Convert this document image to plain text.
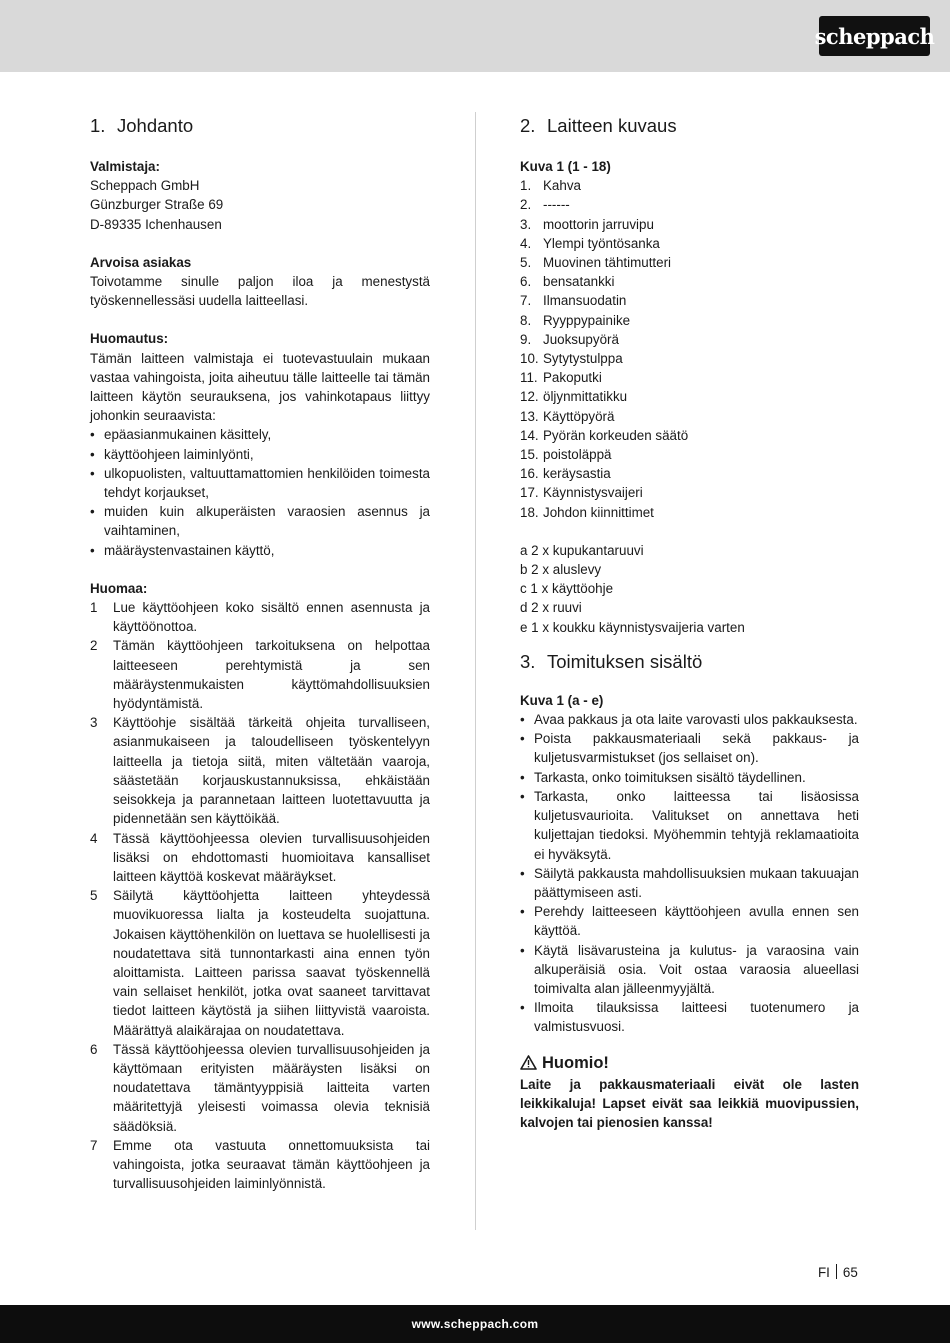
scheppach
1. Johdanto
Valmistaja:
Scheppach GmbH
Günzburger Straße 69
D-89335 Ichenhausen
Arvoisa asiakas

Toivotamme sinulle paljon iloa ja menestystä työskennellessäsi uudella laitteellasi.

Huomautus:

Tämän laitteen valmistaja ei tuotevastuulain mukaan vastaa vahingoista, joita aiheutuu tälle laitteelle tai tämän laitteen käytön seurauksena, jos vahinkotapaus liittyy johonkin seuraavista:

• epäasianmukainen käsittely,
• käyttöohjeen laiminlyönti,
• ulkopuolisten, valtuuttamattomien henkilöiden toimesta tehdyt korjaukset,
• muiden kuin alkuperäisten varaosien asennus ja vaihtaminen,
• määräystenvastainen käyttö,
Huomaa:
1	Lue käyttöohjeen koko sisältö ennen asennusta ja käyttöönottoa.
2	Tämän käyttöohjeen tarkoituksena on helpottaa laitteeseen perehtymistä ja sen määräystenmukaisten käyttömahdollisuuksien hyödyntämistä.
3	Käyttöohje sisältää tärkeitä ohjeita turvalliseen, asianmukaiseen ja taloudelliseen työskentelyyn laitteella ja tietoja siitä, miten vältetään vaaroja, säästetään korjauskustannuksissa, ehkäistään seisokkeja ja parannetaan laitteen luotettavuutta ja pidennetään sen käyttöikää.
4	Tässä käyttöohjeessa olevien turvallisuusohjeiden lisäksi on ehdottomasti huomioitava kansalliset laitteen käyttöä koskevat määräykset.
5	Säilytä käyttöohjetta laitteen yhteydessä muovikuoressa lialta ja kosteudelta suojattuna. Jokaisen käyttöhenkilön on luettava se huolellisesti ja noudatettava sitä tunnontarkasti aina ennen työn aloittamista. Laitteen parissa saavat työskennellä vain sellaiset henkilöt, jotka ovat saaneet tarvittavat tiedot laitteen käytöstä ja siihen liittyvistä vaaroista. Määrättyä alaikärajaa on noudatettava.
6	Tässä käyttöohjeessa olevien turvallisuusohjeiden ja käyttömaan erityisten määräysten lisäksi on noudatettava tämäntyyppisiä laitteita varten määritettyjä yleisesti voimassa olevia teknisiä säädöksiä.
7	Emme ota vastuuta onnettomuuksista tai vahingoista, jotka seuraavat tämän käyttöohjeen ja turvallisuusohjeiden laiminlyönnistä.
2. Laitteen kuvaus
Kuva 1 (1 - 18)
1. Kahva
2. ------
3. moottorin jarruvipu
4. Ylempi työntösanka
5. Muovinen tähtimutteri
6. bensatankki
7. Ilmansuodatin
8. Ryyppypainike
9. Juoksupyörä
10. Sytytystulppa
11. Pakoputki
12. öljynmittatikku
13. Käyttöpyörä
14. Pyörän korkeuden säätö
15. poistoläppä
16. keräysastia
17. Käynnistysvaijeri
18. Johdon kiinnittimet
a 2 x kupukantaruuvi
b 2 x aluslevy
c 1 x käyttöohje
d 2 x ruuvi
e 1 x koukku käynnistysvaijeria varten
3. Toimituksen sisältö
Kuva 1 (a - e)
• Avaa pakkaus ja ota laite varovasti ulos pakkauksesta.
• Poista pakkausmateriaali sekä pakkaus- ja kuljetusvarmistukset (jos sellaiset on).
• Tarkasta, onko toimituksen sisältö täydellinen.
• Tarkasta, onko laitteessa tai lisäosissa kuljetusvaurioita. Valitukset on annettava heti kuljettajan tiedoksi. Myöhemmin tehtyjä reklamaatioita ei hyväksytä.
• Säilytä pakkausta mahdollisuuksien mukaan takuuajan päättymiseen asti.
• Perehdy laitteeseen käyttöohjeen avulla ennen sen käyttöä.
• Käytä lisävarusteina ja kulutus- ja varaosina vain alkuperäisiä osia. Voit ostaa varaosia alueellasi toimivalta alan jälleenmyyjältä.
• Ilmoita tilauksissa laitteesi tuotenumero ja valmistusvuosi.
Huomio!

Laite ja pakkausmateriaali eivät ole lasten leikkikaluja! Lapset eivät saa leikkiä muovipussien, kalvojen tai pienosien kanssa!

FI 65
www.scheppach.com
